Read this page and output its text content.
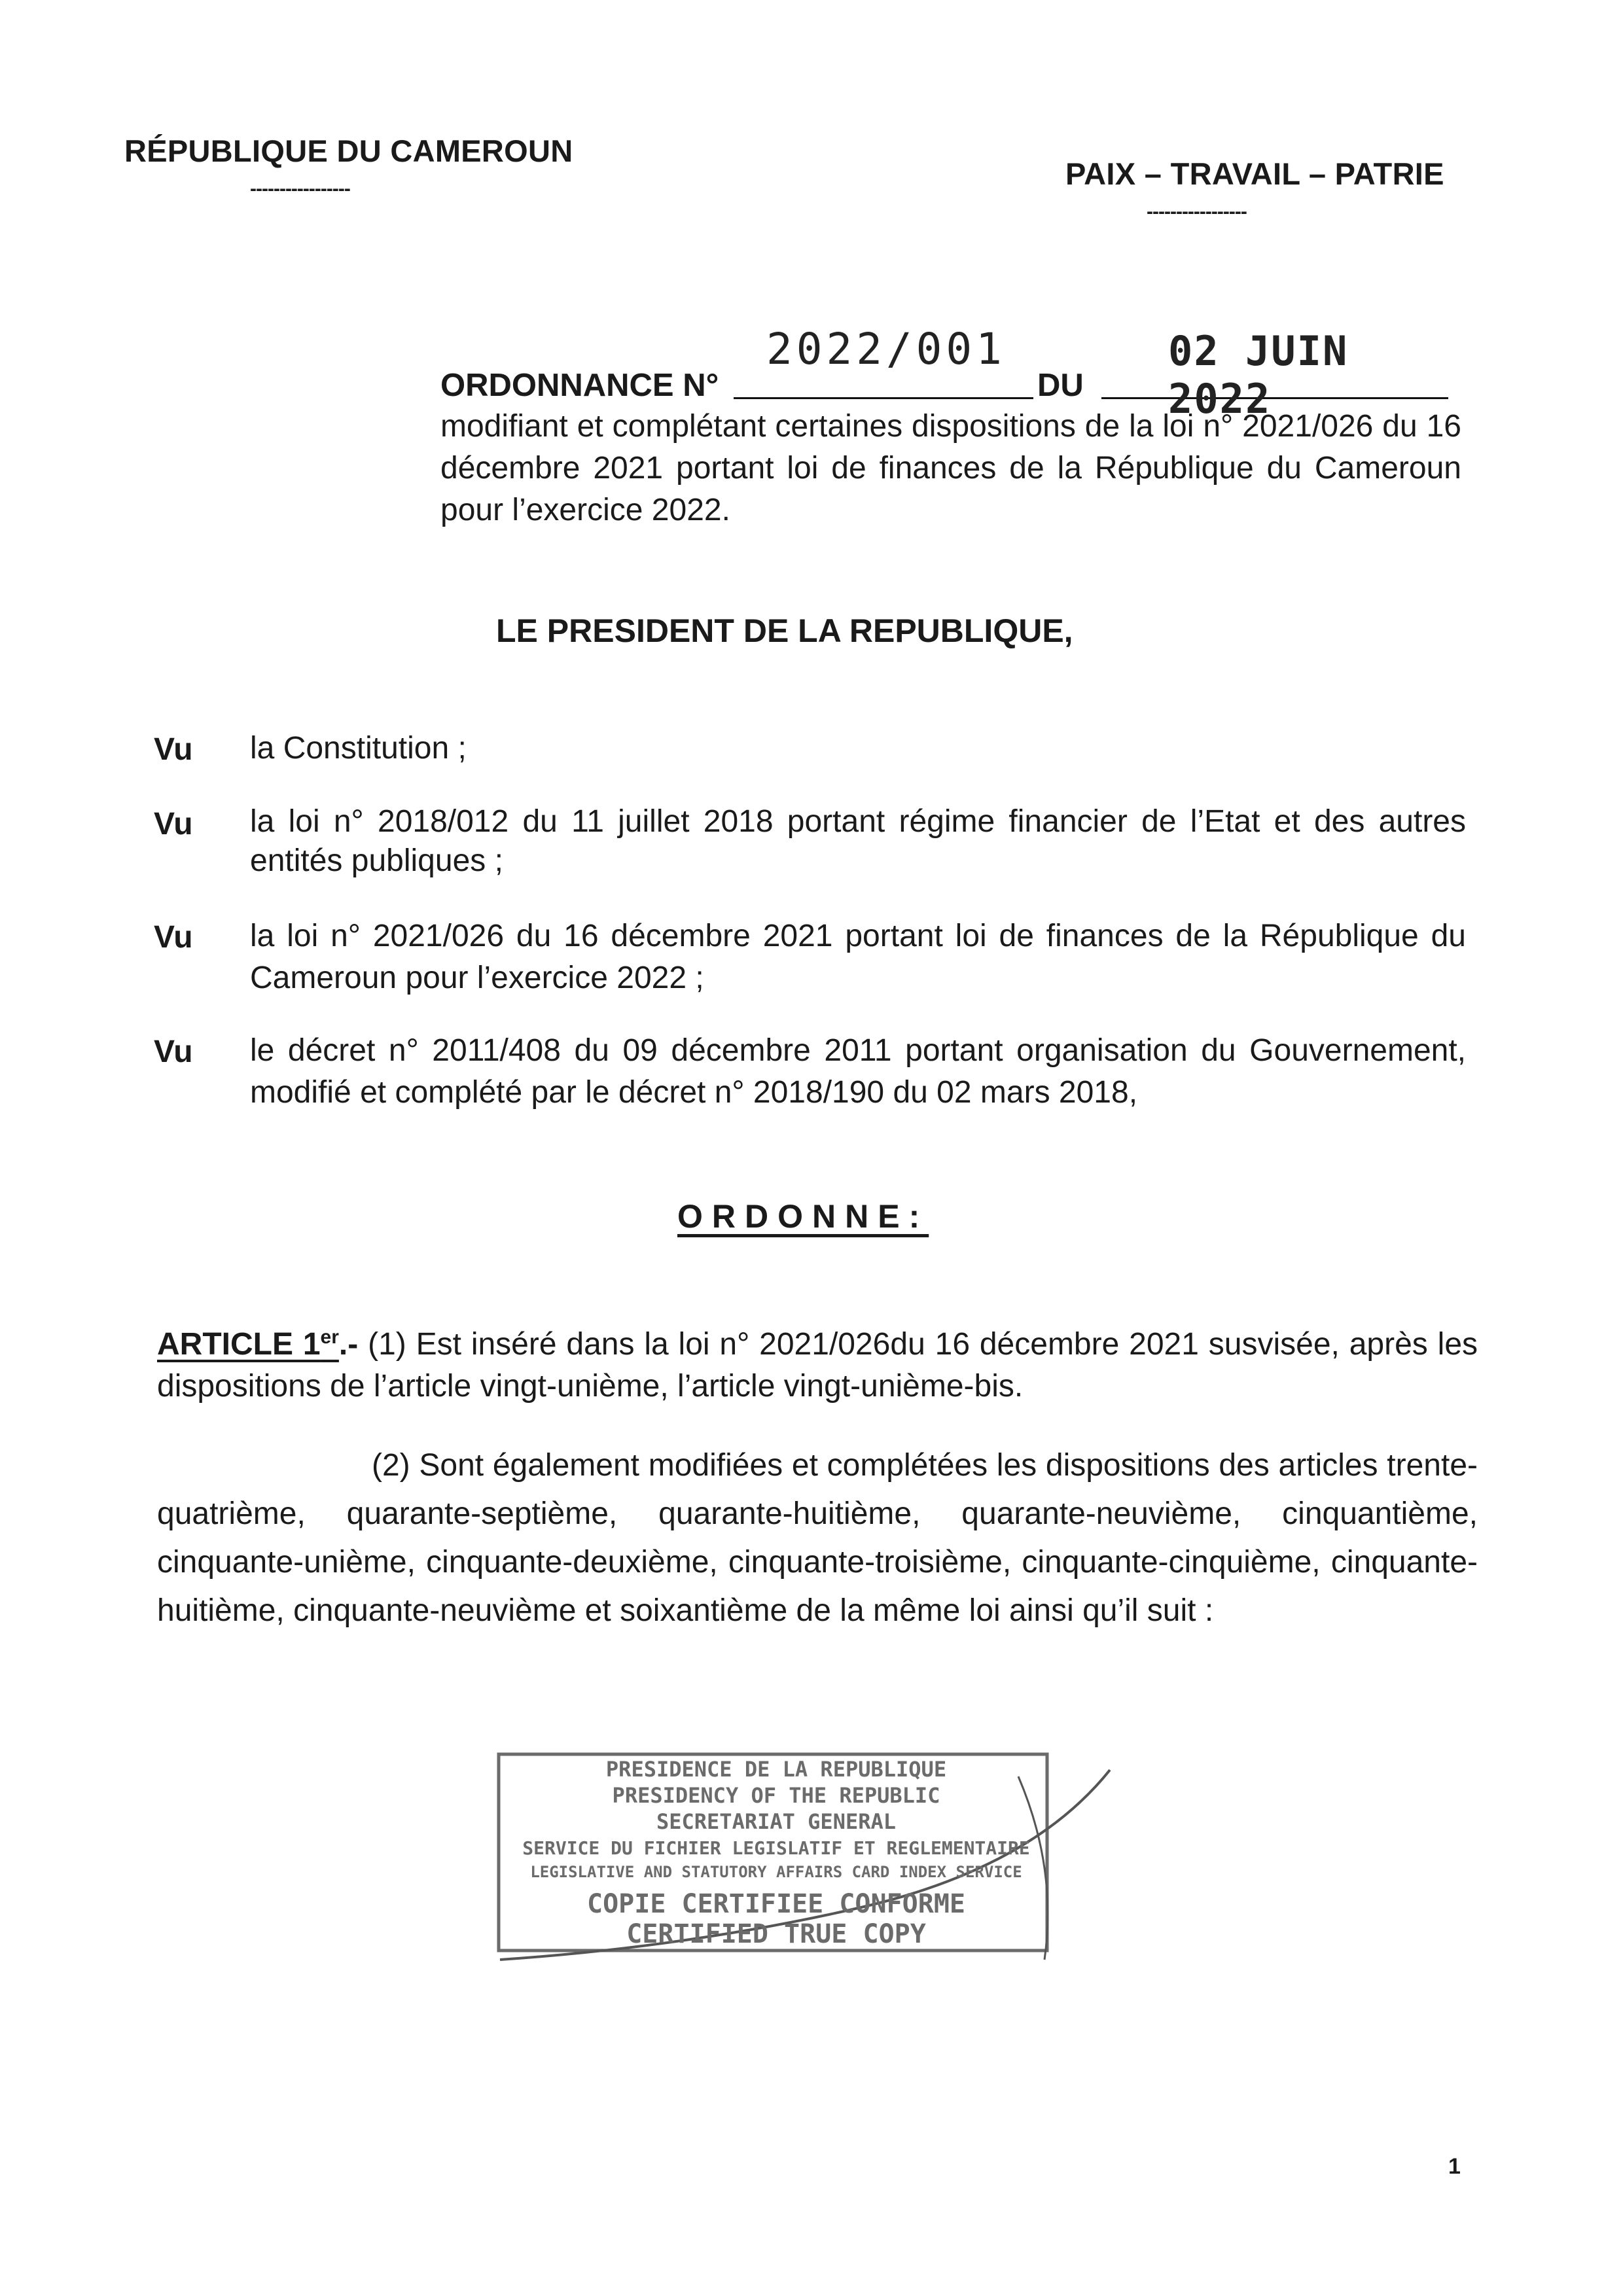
RÉPUBLIQUE DU CAMEROUN
-----------------	PAIX – TRAVAIL – PATRIE
-----------------
ORDONNANCE N°
2022/001
DU
02 JUIN 2022
modifiant et complétant certaines dispositions de la loi n° 2021/026 du 16 décembre 2021 portant loi de finances de la République du Cameroun pour l’exercice 2022.
LE PRESIDENT DE LA REPUBLIQUE,
Vu la Constitution ;
Vu la loi n° 2018/012 du 11 juillet 2018 portant régime financier de l’Etat et des autres entités publiques ;
Vu la loi n° 2021/026 du 16 décembre 2021 portant loi de finances de la République du Cameroun pour l’exercice 2022 ;
Vu le décret n° 2011/408 du 09 décembre 2011 portant organisation du Gouvernement, modifié et complété par le décret n° 2018/190 du 02 mars 2018,
ORDONNE:
ARTICLE 1er.- (1) Est inséré dans la loi n° 2021/026du 16 décembre 2021 susvisée, après les dispositions de l’article vingt-unième, l’article vingt-unième-bis.
(2) Sont également modifiées et complétées les dispositions des articles trente-quatrième, quarante-septième, quarante-huitième, quarante-neuvième, cinquantième, cinquante-unième, cinquante-deuxième, cinquante-troisième, cinquante-cinquième, cinquante-huitième, cinquante-neuvième et soixantième de la même loi ainsi qu’il suit :
PRESIDENCE DE LA REPUBLIQUE
PRESIDENCY OF THE REPUBLIC
SECRETARIAT GENERAL
SERVICE DU FICHIER LEGISLATIF ET REGLEMENTAIRE
LEGISLATIVE AND STATUTORY AFFAIRS CARD INDEX SERVICE
COPIE CERTIFIEE CONFORME
CERTIFIED TRUE COPY
1
